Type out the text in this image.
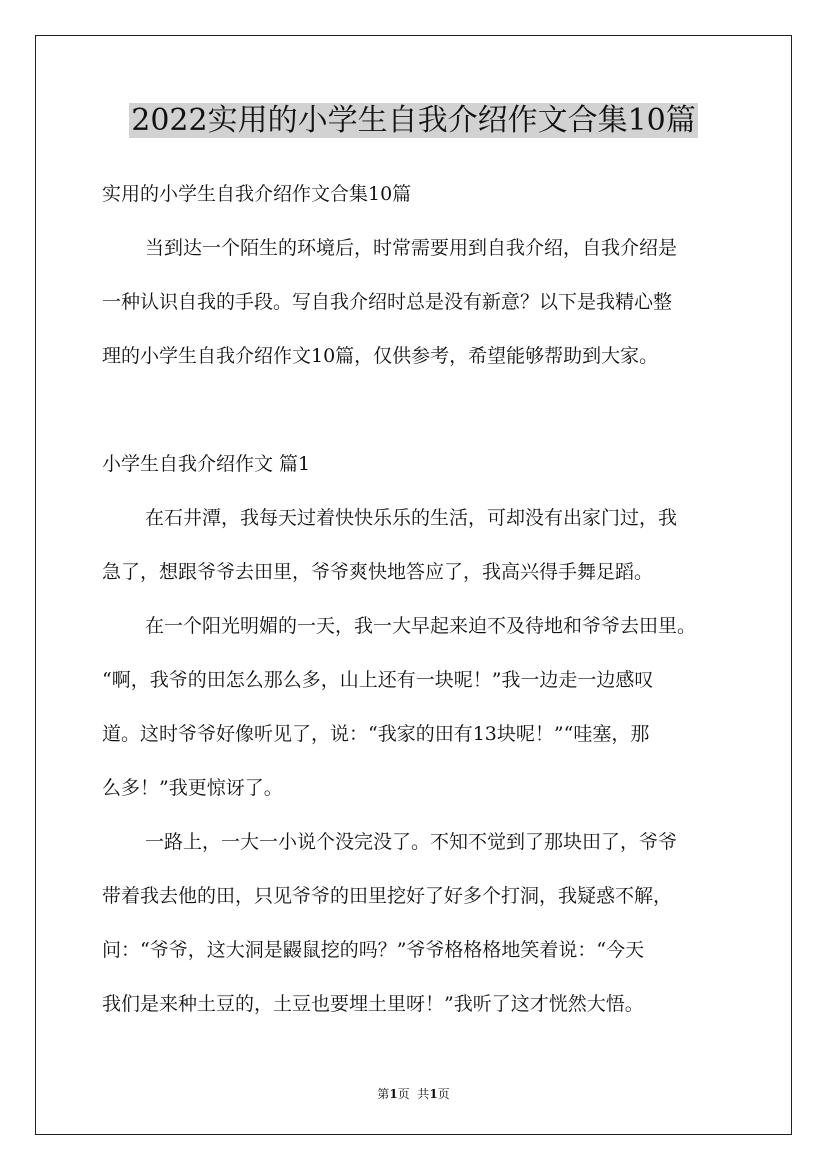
2022实用的小学生自我介绍作文合集10篇
实用的小学生自我介绍作文合集10篇
当到达一个陌生的环境后，时常需要用到自我介绍，自我介绍是
一种认识自我的手段。写自我介绍时总是没有新意？以下是我精心整
理的小学生自我介绍作文10篇，仅供参考，希望能够帮助到大家。
小学生自我介绍作文 篇1
在石井潭，我每天过着快快乐乐的生活，可却没有出家门过，我
急了，想跟爷爷去田里，爷爷爽快地答应了，我高兴得手舞足蹈。
在一个阳光明媚的一天，我一大早起来迫不及待地和爷爷去田里。
“啊，我爷的田怎么那么多，山上还有一块呢！”我一边走一边感叹
道。这时爷爷好像听见了，说：“我家的田有13块呢！”“哇塞，那
么多！”我更惊讶了。
一路上，一大一小说个没完没了。不知不觉到了那块田了，爷爷
带着我去他的田，只见爷爷的田里挖好了好多个打洞，我疑惑不解，
问：“爷爷，这大洞是鼹鼠挖的吗？”爷爷格格格地笑着说：“今天
我们是来种土豆的，土豆也要埋土里呀！”我听了这才恍然大悟。
第1页  共1页
